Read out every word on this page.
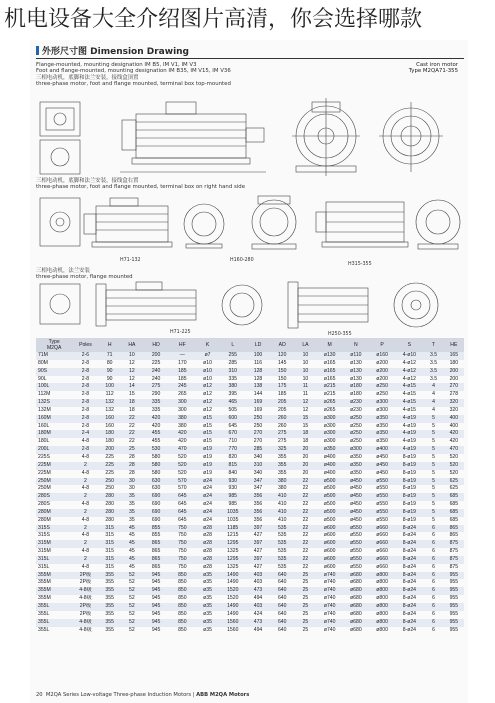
机电设备大全介绍图片高清，你会选择哪款
外形尺寸图 Dimension Drawing
Flange-mounted, mounting designation IM B5, IM V1, IM V3
Foot and flange-mounted, mounting designation IM B35, IM V15, IM V36
三相电动机，底脚和法兰安装，接线盒顶置
three-phase motor, foot and flange mounted, terminal box top-mounted
Cast iron motor
Type M2QA71-355
三相电动机，底脚和法兰安装，接线盒右置
three-phase motor, foot and flange mounted, terminal box on right hand side
H71-132	H160-280
H315-355
三相电动机，法兰安装
three-phase motor, flange mounted
H71-225	H250-355
Type
M2QA	Poles	H	HA	HD	HF	K	L	LD	AD	LA	M	N	P	S	T	HE
71M	2-6	71	10	200	—	ø7	255	100	120	10	ø130	ø110	ø160	4-ø10	3.5	165
80M	2-8	80	12	225	170	ø10	285	116	145	10	ø165	ø130	ø200	4-ø12	3.5	180
90S	2-8	90	12	240	185	ø10	310	128	150	10	ø165	ø130	ø200	4-ø12	3.5	200
90L	2-8	90	12	240	185	ø10	335	128	150	10	ø165	ø130	ø200	4-ø12	3.5	200
100L	2-8	100	14	275	245	ø12	380	138	175	11	ø215	ø180	ø250	4-ø15	4	270
112M	2-8	112	15	290	265	ø12	395	144	185	11	ø215	ø180	ø250	4-ø15	4	278
132S	2-8	132	18	335	300	ø12	465	169	205	12	ø265	ø230	ø300	4-ø15	4	320
132M	2-8	132	18	335	300	ø12	505	169	205	12	ø265	ø230	ø300	4-ø15	4	320
160M	2-8	160	22	420	380	ø15	600	250	260	15	ø300	ø250	ø350	4-ø19	5	400
160L	2-8	160	22	420	380	ø15	645	250	260	15	ø300	ø250	ø350	4-ø19	5	400
180M	2-4	180	22	455	420	ø15	670	270	275	18	ø300	ø250	ø350	4-ø19	5	420
180L	4-8	180	22	455	420	ø15	710	270	275	18	ø300	ø250	ø350	4-ø19	5	420
200L	2-8	200	25	530	470	ø19	770	285	325	20	ø350	ø300	ø400	4-ø19	5	470
225S	4-8	225	28	580	520	ø19	820	340	355	20	ø400	ø350	ø450	8-ø19	5	520
225M	2	225	28	580	520	ø19	815	310	355	20	ø400	ø350	ø450	8-ø19	5	520
225M	4-8	225	28	580	520	ø19	840	340	355	20	ø400	ø350	ø450	8-ø19	5	520
250M	2	250	30	630	570	ø24	930	347	380	22	ø500	ø450	ø550	8-ø19	5	625
250M	4-8	250	30	630	570	ø24	930	347	380	22	ø500	ø450	ø550	8-ø19	5	625
280S	2	280	35	690	645	ø24	985	356	410	22	ø500	ø450	ø550	8-ø19	5	685
280S	4-8	280	35	690	645	ø24	985	356	410	22	ø500	ø450	ø550	8-ø19	5	685
280M	2	280	35	690	645	ø24	1035	356	410	22	ø500	ø450	ø550	8-ø19	5	685
280M	4-8	280	35	690	645	ø24	1035	356	410	22	ø500	ø450	ø550	8-ø19	5	685
315S	2	315	45	855	750	ø28	1185	397	535	22	ø600	ø550	ø660	8-ø24	6	865
315S	4-8	315	45	855	750	ø28	1215	427	535	22	ø600	ø550	ø660	8-ø24	6	865
315M	2	315	45	865	750	ø28	1295	397	535	22	ø600	ø550	ø660	8-ø24	6	875
315M	4-8	315	45	865	750	ø28	1325	427	535	22	ø600	ø550	ø660	8-ø24	6	875
315L	2	315	45	865	750	ø28	1295	397	535	22	ø600	ø550	ø660	8-ø24	6	875
315L	4-8	315	45	865	750	ø28	1325	427	535	22	ø600	ø550	ø660	8-ø24	6	875
355M	2P级	355	52	945	850	ø35	1490	403	640	25	ø740	ø680	ø800	8-ø24	6	955
355M	2P级	355	52	945	850	ø35	1490	403	640	25	ø740	ø680	ø800	8-ø24	6	955
355M	4-8级	355	52	945	850	ø35	1520	473	640	25	ø740	ø680	ø800	8-ø24	6	955
355M	4-8级	355	52	945	850	ø35	1520	494	640	25	ø740	ø680	ø800	8-ø24	6	955
355L	2P级	355	52	945	850	ø35	1490	403	640	25	ø740	ø680	ø800	8-ø24	6	955
355L	2P级	355	52	945	850	ø35	1490	424	640	25	ø740	ø680	ø800	8-ø24	6	955
355L	4-8级	355	52	945	850	ø35	1560	473	640	25	ø740	ø680	ø800	8-ø24	6	955
355L	4-8级	355	52	945	850	ø35	1560	494	640	25	ø740	ø680	ø800	8-ø24	6	955
20 M2QA Series Low-voltage Three-phase Induction Motors | ABB M2QA Motors
